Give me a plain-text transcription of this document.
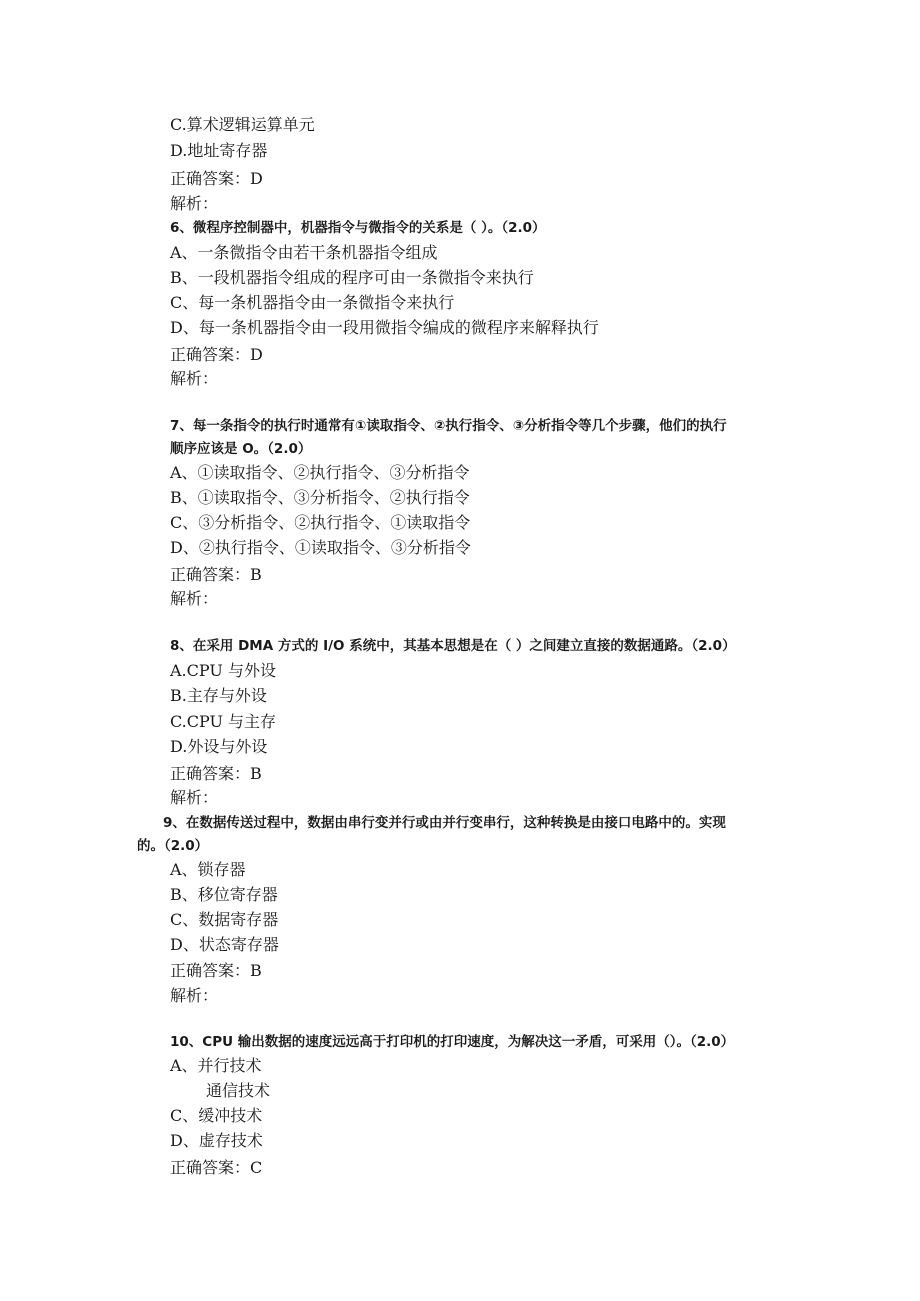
C.算术逻辑运算单元
D.地址寄存器
正确答案：D
解析：
6、微程序控制器中，机器指令与微指令的关系是（ ）。（2.0）
A、一条微指令由若干条机器指令组成
B、一段机器指令组成的程序可由一条微指令来执行
C、每一条机器指令由一条微指令来执行
D、每一条机器指令由一段用微指令编成的微程序来解释执行
正确答案：D
解析：
7、每一条指令的执行时通常有①读取指令、②执行指令、③分析指令等几个步骤，他们的执行
顺序应该是 O。（2.0）
A、①读取指令、②执行指令、③分析指令
B、①读取指令、③分析指令、②执行指令
C、③分析指令、②执行指令、①读取指令
D、②执行指令、①读取指令、③分析指令
正确答案：B
解析：
8、在采用 DMA 方式的 I/O 系统中，其基本思想是在（ ）之间建立直接的数据通路。（2.0）
A.CPU 与外设
B.主存与外设
C.CPU 与主存
D.外设与外设
正确答案：B
解析：
9、在数据传送过程中，数据由串行变并行或由并行变串行，这种转换是由接口电路中的。实现
的。（2.0）
A、锁存器
B、移位寄存器
C、数据寄存器
D、状态寄存器
正确答案：B
解析：
10、CPU 输出数据的速度远远高于打印机的打印速度，为解决这一矛盾，可采用（）。（2.0）
A、并行技术
通信技术
C、缓冲技术
D、虚存技术
正确答案：C
